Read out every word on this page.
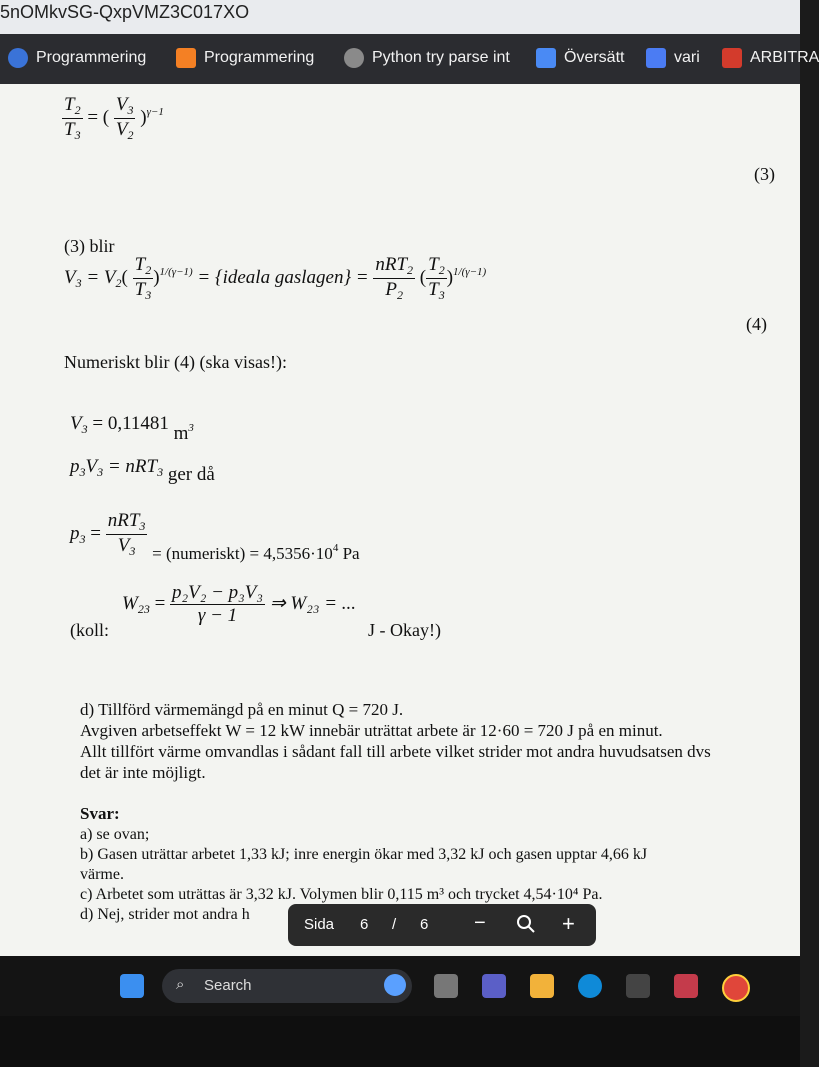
5nOMkvSG-QxpVMZ3C017XO
Programmering	Programmering	Python try parse int	Översätt	vari	ARBITRA
$\frac{T_2}{T_3}$ = ( $\frac{V_3}{V_2} )^{\gamma-1}$
(3)
(3) blir
$V_3 = V_2( \frac{T_2}{T_3} )^{1/(\gamma-1)}$ = {ideala gaslagen} = $\frac{nRT_2}{P_2}$ ( $\frac{T_2}{T_3} )^{1/(\gamma-1)}$
(4)
Numeriskt blir (4) (ska visas!):
$V_3 = 0,11481$ $m^3$
$p_3V_3 = nRT_3$ ger då
$p_3 = \frac{nRT_3}{V_3}$ = (numeriskt) = $4,5356\cdot 10^4$ Pa
$W_{23} = \frac{\text{p₂V₂ − p₃V₃}}{\gamma - 1}$ ⇒ W₂₃ = ...
(koll:	J - Okay!)
d) Tillförd värmemängd på en minut Q = 720 J.
Avgiven arbetseffekt W = 12 kW innebär uträttat arbete är 12·60 = 720 J på en minut.
Allt tillfört värme omvandlas i sådant fall till arbete vilket strider mot andra huvudsatsen dvs
det är inte möjligt.
Svar:
a) se ovan;
b) Gasen uträttar arbetet 1,33 kJ; inre energin ökar med 3,32 kJ och gasen upptar 4,66 kJ
värme.
c) Arbetet som uträttas är 3,32 kJ. Volymen blir 0,115 m³ och trycket 4,54·10⁴ Pa.
d) Nej, strider mot andra h
Sida 6 / 6 −	+
⌕ Search
